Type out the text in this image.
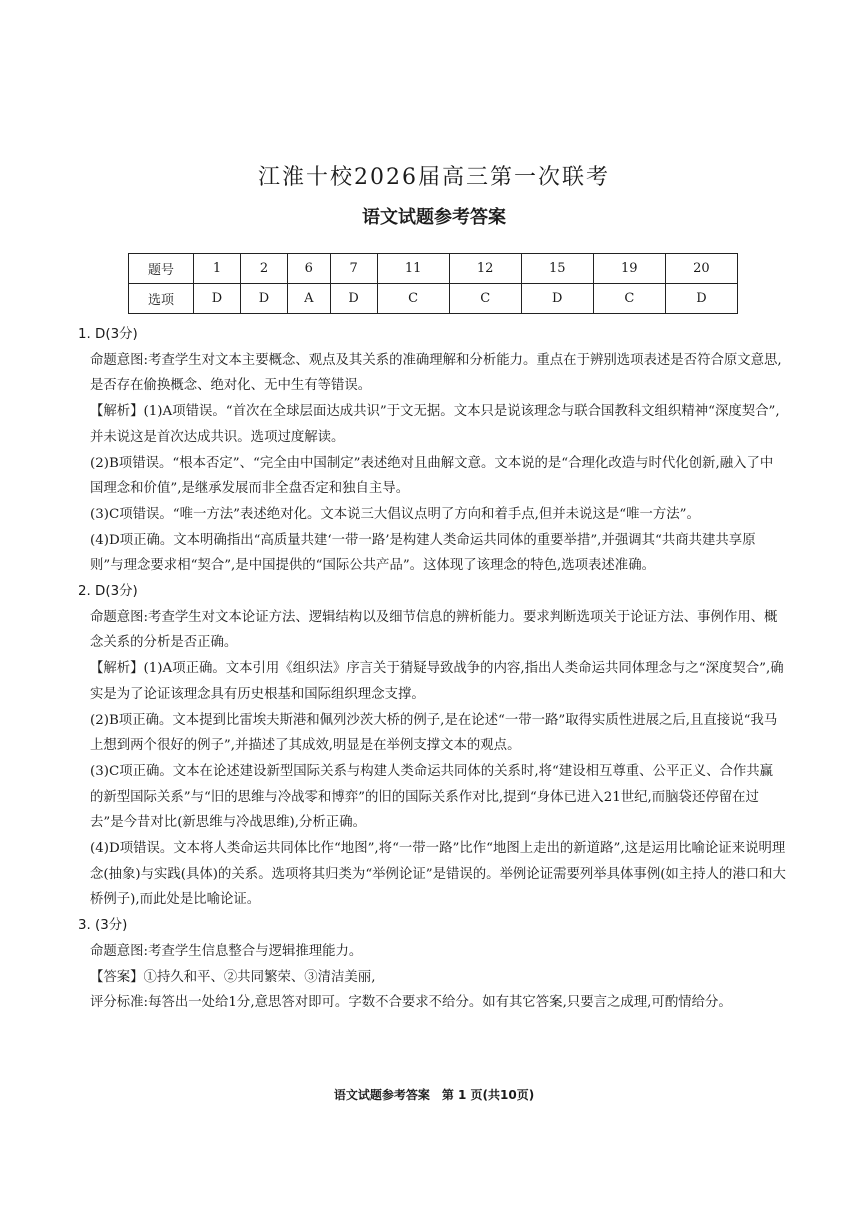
江淮十校2026届高三第一次联考
语文试题参考答案
题号	1	2	6	7	11	12	15	19	20
选项	D	D	A	D	C	C	D	C	D

1. D(3分)

命题意图:考查学生对文本主要概念、观点及其关系的准确理解和分析能力。重点在于辨别选项表述是否符合原文意思,是否存在偷换概念、绝对化、无中生有等错误。

【解析】(1)A项错误。“首次在全球层面达成共识”于文无据。文本只是说该理念与联合国教科文组织精神“深度契合”,并未说这是首次达成共识。选项过度解读。

(2)B项错误。“根本否定”、“完全由中国制定”表述绝对且曲解文意。文本说的是“合理化改造与时代化创新,融入了中国理念和价值”,是继承发展而非全盘否定和独自主导。

(3)C项错误。“唯一方法”表述绝对化。文本说三大倡议点明了方向和着手点,但并未说这是“唯一方法”。

(4)D项正确。文本明确指出“高质量共建‘一带一路’是构建人类命运共同体的重要举措”,并强调其“共商共建共享原则”与理念要求相“契合”,是中国提供的“国际公共产品”。这体现了该理念的特色,选项表述准确。

2. D(3分)

命题意图:考查学生对文本论证方法、逻辑结构以及细节信息的辨析能力。要求判断选项关于论证方法、事例作用、概念关系的分析是否正确。

【解析】(1)A项正确。文本引用《组织法》序言关于猜疑导致战争的内容,指出人类命运共同体理念与之“深度契合”,确实是为了论证该理念具有历史根基和国际组织理念支撑。

(2)B项正确。文本提到比雷埃夫斯港和佩列沙茨大桥的例子,是在论述“一带一路”取得实质性进展之后,且直接说“我马上想到两个很好的例子”,并描述了其成效,明显是在举例支撑文本的观点。

(3)C项正确。文本在论述建设新型国际关系与构建人类命运共同体的关系时,将“建设相互尊重、公平正义、合作共赢的新型国际关系”与“旧的思维与冷战零和博弈”的旧的国际关系作对比,提到“身体已进入21世纪,而脑袋还停留在过去”是今昔对比(新思维与冷战思维),分析正确。

(4)D项错误。文本将人类命运共同体比作“地图”,将“一带一路”比作“地图上走出的新道路”,这是运用比喻论证来说明理念(抽象)与实践(具体)的关系。选项将其归类为“举例论证”是错误的。举例论证需要列举具体事例(如主持人的港口和大桥例子),而此处是比喻论证。

3. (3分)

命题意图:考查学生信息整合与逻辑推理能力。

【答案】①持久和平、②共同繁荣、③清洁美丽,

评分标准:每答出一处给1分,意思答对即可。字数不合要求不给分。如有其它答案,只要言之成理,可酌情给分。

语文试题参考答案　第 1 页(共10页)
